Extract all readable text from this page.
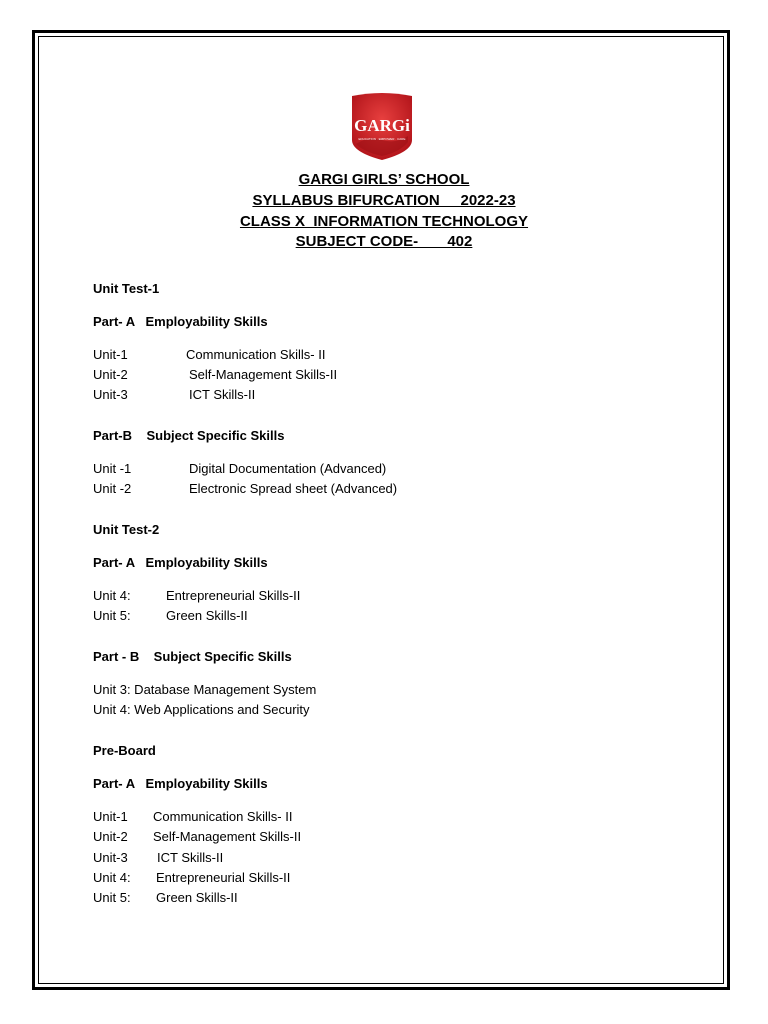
GARGi
EDUCATION · EMPOWER · CARE
GARGI GIRLS’ SCHOOL
SYLLABUS BIFURCATION     2022-23
CLASS X  INFORMATION TECHNOLOGY
SUBJECT CODE-       402
Unit Test-1
Part- A   Employability Skills
Unit-1	Communication Skills- II
Unit-2	Self-Management Skills-II
Unit-3	ICT Skills-II
Part-B    Subject Specific Skills
Unit -1	Digital Documentation (Advanced)
Unit -2	Electronic Spread sheet (Advanced)
Unit Test-2
Part- A   Employability Skills
Unit 4:	Entrepreneurial Skills-II
Unit 5:	Green Skills-II
Part - B    Subject Specific Skills
Unit 3: Database Management System
Unit 4: Web Applications and Security
Pre-Board
Part- A   Employability Skills
Unit-1 Communication Skills- II
Unit-2 Self-Management Skills-II
Unit-3 ICT Skills-II
Unit 4: Entrepreneurial Skills-II
Unit 5: Green Skills-II
